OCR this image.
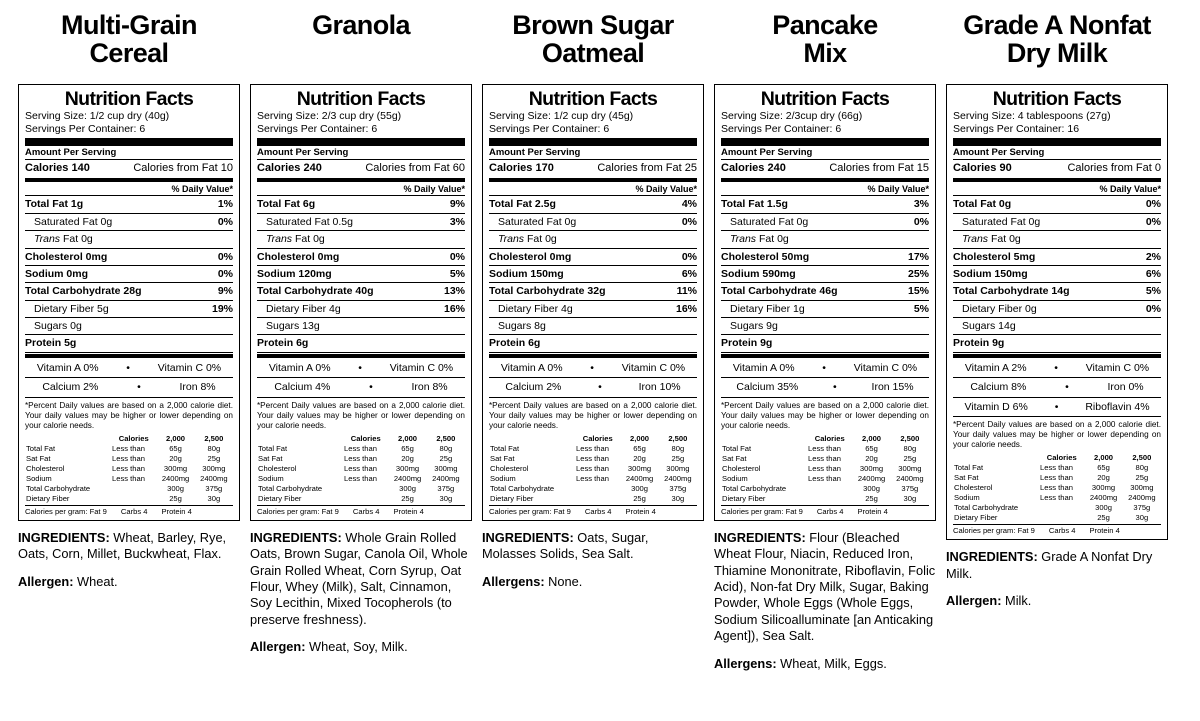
Multi-Grain
Cereal
Nutrition Facts
Serving Size: 1/2 cup dry (40g)
Servings Per Container: 6
Amount Per Serving
Calories 140	Calories from Fat 10
% Daily Value*
Total Fat 1g	1%
Saturated Fat 0g	0%
Trans Fat 0g
Cholesterol 0mg	0%
Sodium 0mg	0%
Total Carbohydrate 28g	9%
Dietary Fiber 5g	19%
Sugars 0g
Protein 5g
Vitamin A 0%	•	Vitamin C 0%
Calcium 2%	•	Iron 8%
*Percent Daily values are based on a 2,000 calorie diet. Your daily values may be higher or lower depending on your calorie needs.
	Calories	2,000	2,500
Total Fat	Less than	65g	80g
Sat Fat	Less than	20g	25g
Cholesterol	Less than	300mg	300mg
Sodium	Less than	2400mg	2400mg
Total Carbohydrate		300g	375g
Dietary Fiber		25g	30g
Calories per gram: Fat 9 Carbs 4 Protein 4
INGREDIENTS: Wheat, Barley, Rye, Oats, Corn, Millet, Buckwheat, Flax.
Allergen: Wheat.
Granola
Nutrition Facts
Serving Size: 2/3 cup dry (55g)
Servings Per Container: 6
Amount Per Serving
Calories 240	Calories from Fat 60
% Daily Value*
Total Fat 6g	9%
Saturated Fat 0.5g	3%
Trans Fat 0g
Cholesterol 0mg	0%
Sodium 120mg	5%
Total Carbohydrate 40g	13%
Dietary Fiber 4g	16%
Sugars 13g
Protein 6g
Vitamin A 0%	•	Vitamin C 0%
Calcium 4%	•	Iron 8%
*Percent Daily values are based on a 2,000 calorie diet. Your daily values may be higher or lower depending on your calorie needs.
	Calories	2,000	2,500
Total Fat	Less than	65g	80g
Sat Fat	Less than	20g	25g
Cholesterol	Less than	300mg	300mg
Sodium	Less than	2400mg	2400mg
Total Carbohydrate		300g	375g
Dietary Fiber		25g	30g
Calories per gram: Fat 9 Carbs 4 Protein 4
INGREDIENTS: Whole Grain Rolled Oats, Brown Sugar, Canola Oil, Whole Grain Rolled Wheat, Corn Syrup, Oat Flour, Whey (Milk), Salt, Cinnamon, Soy Lecithin, Mixed Tocopherols (to preserve freshness).
Allergen: Wheat, Soy, Milk.
Brown Sugar
Oatmeal
Nutrition Facts
Serving Size: 1/2 cup dry (45g)
Servings Per Container: 6
Amount Per Serving
Calories 170	Calories from Fat 25
% Daily Value*
Total Fat 2.5g	4%
Saturated Fat 0g	0%
Trans Fat 0g
Cholesterol 0mg	0%
Sodium 150mg	6%
Total Carbohydrate 32g	11%
Dietary Fiber 4g	16%
Sugars 8g
Protein 6g
Vitamin A 0%	•	Vitamin C 0%
Calcium 2%	•	Iron 10%
*Percent Daily values are based on a 2,000 calorie diet. Your daily values may be higher or lower depending on your calorie needs.
	Calories	2,000	2,500
Total Fat	Less than	65g	80g
Sat Fat	Less than	20g	25g
Cholesterol	Less than	300mg	300mg
Sodium	Less than	2400mg	2400mg
Total Carbohydrate		300g	375g
Dietary Fiber		25g	30g
Calories per gram: Fat 9 Carbs 4 Protein 4
INGREDIENTS: Oats, Sugar, Molasses Solids, Sea Salt.
Allergens: None.
Pancake
Mix
Nutrition Facts
Serving Size: 2/3cup dry (66g)
Servings Per Container: 6
Amount Per Serving
Calories 240	Calories from Fat 15
% Daily Value*
Total Fat 1.5g	3%
Saturated Fat 0g	0%
Trans Fat 0g
Cholesterol 50mg	17%
Sodium 590mg	25%
Total Carbohydrate 46g	15%
Dietary Fiber 1g	5%
Sugars 9g
Protein 9g
Vitamin A 0%	•	Vitamin C 0%
Calcium 35%	•	Iron 15%
*Percent Daily values are based on a 2,000 calorie diet. Your daily values may be higher or lower depending on your calorie needs.
	Calories	2,000	2,500
Total Fat	Less than	65g	80g
Sat Fat	Less than	20g	25g
Cholesterol	Less than	300mg	300mg
Sodium	Less than	2400mg	2400mg
Total Carbohydrate		300g	375g
Dietary Fiber		25g	30g
Calories per gram: Fat 9 Carbs 4 Protein 4
INGREDIENTS: Flour (Bleached Wheat Flour, Niacin, Reduced Iron, Thiamine Mononitrate, Riboflavin, Folic Acid), Non-fat Dry Milk, Sugar, Baking Powder, Whole Eggs (Whole Eggs, Sodium Silicoalluminate [an Anticaking Agent]), Sea Salt.
Allergens: Wheat, Milk, Eggs.
Grade A Nonfat
Dry Milk
Nutrition Facts
Serving Size: 4 tablespoons (27g)
Servings Per Container: 16
Amount Per Serving
Calories 90	Calories from Fat 0
% Daily Value*
Total Fat 0g	0%
Saturated Fat 0g	0%
Trans Fat 0g
Cholesterol 5mg	2%
Sodium 150mg	6%
Total Carbohydrate 14g	5%
Dietary Fiber 0g	0%
Sugars 14g
Protein 9g
Vitamin A 2%	•	Vitamin C 0%
Calcium 8%	•	Iron 0%
Vitamin D 6%	•	Riboflavin 4%
*Percent Daily values are based on a 2,000 calorie diet. Your daily values may be higher or lower depending on your calorie needs.
	Calories	2,000	2,500
Total Fat	Less than	65g	80g
Sat Fat	Less than	20g	25g
Cholesterol	Less than	300mg	300mg
Sodium	Less than	2400mg	2400mg
Total Carbohydrate		300g	375g
Dietary Fiber		25g	30g
Calories per gram: Fat 9 Carbs 4 Protein 4
INGREDIENTS: Grade A Nonfat Dry Milk.
Allergen: Milk.
